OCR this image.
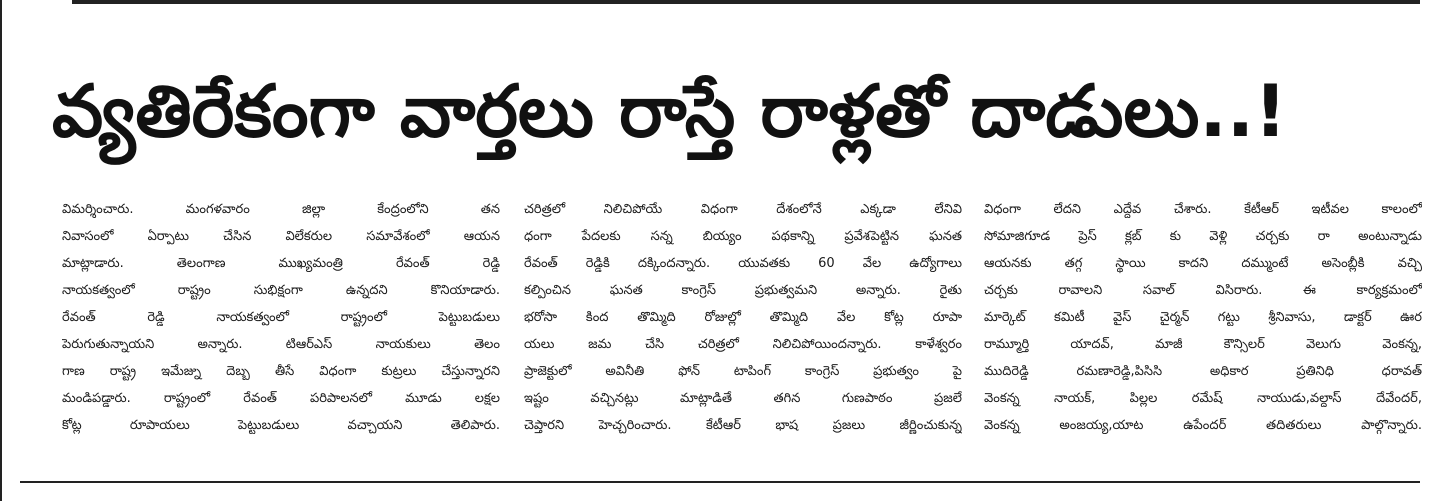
వ్యతిరేకంగా వార్తలు రాస్తే రాళ్లతో దాడులు..!
విమర్శించారు. మంగళవారం జిల్లా కేంద్రంలోని తన
నివాసంలో ఏర్పాటు చేసిన విలేకరుల సమావేశంలో ఆయన
మాట్లాడారు. తెలంగాణ ముఖ్యమంత్రి రేవంత్ రెడ్డి
నాయకత్వంలో రాష్ట్రం సుభిక్షంగా ఉన్నదని కొనియాడారు.
రేవంత్ రెడ్డి నాయకత్వంలో రాష్ట్రంలో పెట్టుబడులు
పెరుగుతున్నాయని అన్నారు. టిఆర్ఎస్ నాయకులు తెలం
గాణ రాష్ట్ర ఇమేజ్ను దెబ్బ తీసే విధంగా కుట్రలు చేస్తున్నారని
మండిపడ్డారు. రాష్ట్రంలో రేవంత్ పరిపాలనలో మూడు లక్షల
కోట్ల రూపాయలు పెట్టుబడులు వచ్చాయని తెలిపారు.
చరిత్రలో నిలిచిపోయే విధంగా దేశంలోనే ఎక్కడా లేనివి
ధంగా పేదలకు సన్న బియ్యం పథకాన్ని ప్రవేశపెట్టిన ఘనత
రేవంత్ రెడ్డికి దక్కిందన్నారు. యువతకు 60 వేల ఉద్యోగాలు
కల్పించిన ఘనత కాంగ్రెస్ ప్రభుత్వమని అన్నారు. రైతు
భరోసా కింద తొమ్మిది రోజుల్లో తొమ్మిది వేల కోట్ల రూపా
యలు జమ చేసి చరిత్రలో నిలిచిపోయిందన్నారు. కాళేశ్వరం
ప్రాజెక్టులో అవినీతి ఫోన్ టాపింగ్ కాంగ్రెస్ ప్రభుత్వం పై
ఇష్టం వచ్చినట్లు మాట్లాడితే తగిన గుణపాఠం ప్రజలే
చెప్తారని హెచ్చరించారు. కేటీఆర్ భాష ప్రజలు జీర్ణించుకున్న
విధంగా లేదని ఎద్దేవ చేశారు. కేటీఆర్ ఇటీవల కాలంలో
సోమాజిగూడ ప్రెస్ క్లబ్ కు వెళ్లి చర్చకు రా అంటున్నాడు
ఆయనకు తగ్గ స్థాయి కాదని దమ్ముంటే అసెంబ్లీకి వచ్చి
చర్చకు రావాలని సవాల్ విసిరారు. ఈ కార్యక్రమంలో
మార్కెట్ కమిటీ వైస్ చైర్మన్ గట్టు శ్రీనివాసు, డాక్టర్ ఊర
రామ్మూర్తి యాదవ్, మాజీ కౌన్సిలర్ వెలుగు వెంకన్న,
ముదిరెడ్డి రమణారెడ్డి,పిసిసి అధికార ప్రతినిధి ధరావత్
వెంకన్న నాయక్, పిల్లల రమేష్ నాయుడు,వల్దాస్ దేవేందర్,
వెంకన్న అంజయ్య,యాట ఉపేందర్ తదితరులు పాల్గొన్నారు.
